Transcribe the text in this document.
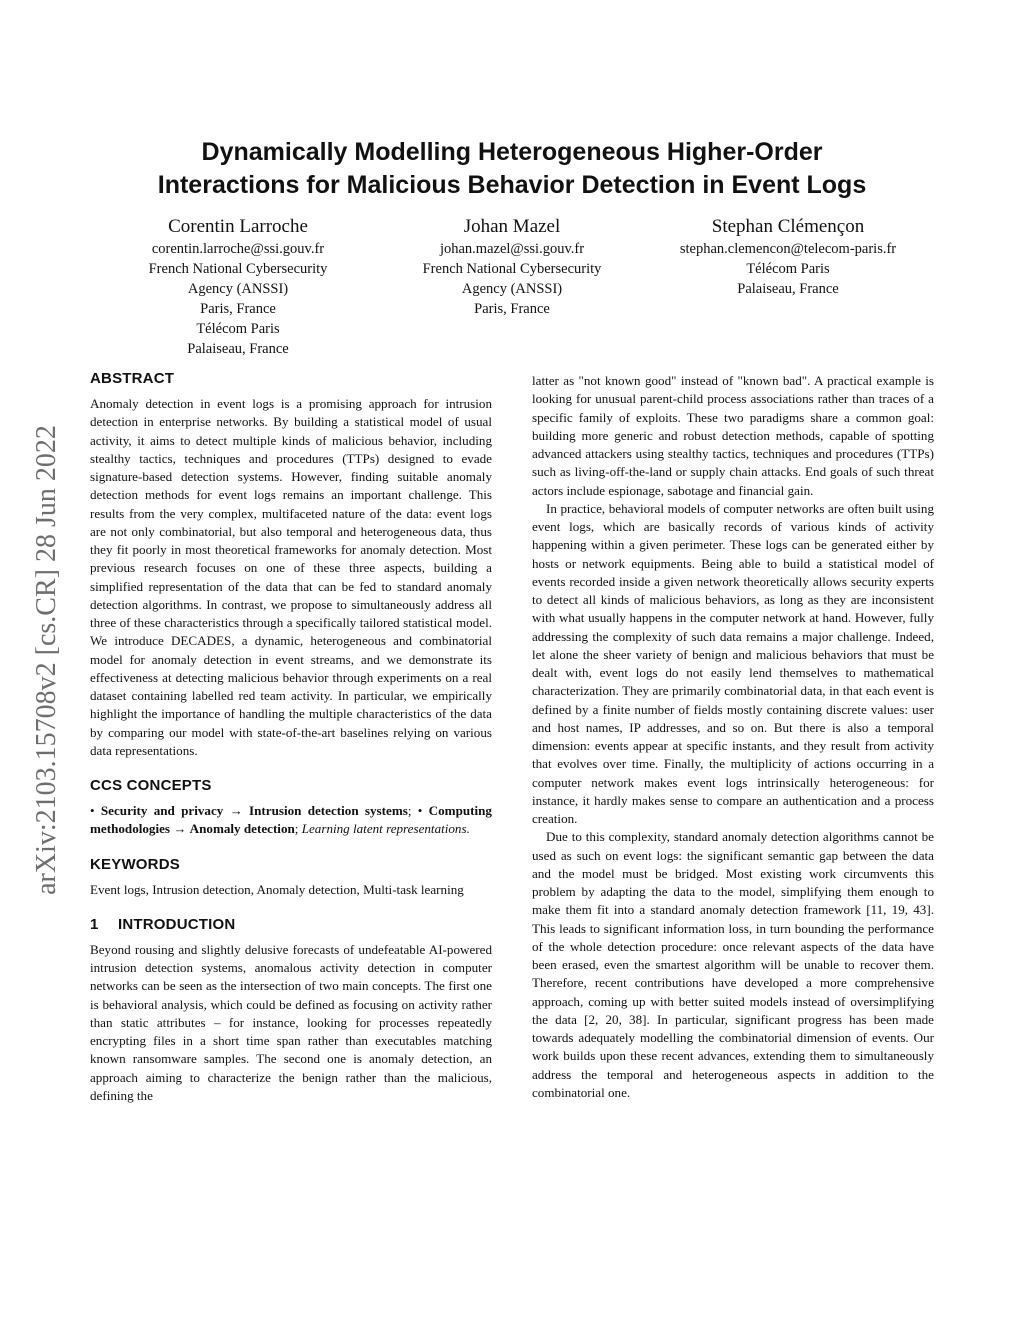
arXiv:2103.15708v2 [cs.CR] 28 Jun 2022
Dynamically Modelling Heterogeneous Higher-Order
Interactions for Malicious Behavior Detection in Event Logs
Corentin Larroche
corentin.larroche@ssi.gouv.fr
French National Cybersecurity
Agency (ANSSI)
Paris, France
Télécom Paris
Palaiseau, France
Johan Mazel
johan.mazel@ssi.gouv.fr
French National Cybersecurity
Agency (ANSSI)
Paris, France
Stephan Clémençon
stephan.clemencon@telecom-paris.fr
Télécom Paris
Palaiseau, France
ABSTRACT

Anomaly detection in event logs is a promising approach for intrusion detection in enterprise networks. By building a statistical model of usual activity, it aims to detect multiple kinds of malicious behavior, including stealthy tactics, techniques and procedures (TTPs) designed to evade signature-based detection systems. However, finding suitable anomaly detection methods for event logs remains an important challenge. This results from the very complex, multifaceted nature of the data: event logs are not only combinatorial, but also temporal and heterogeneous data, thus they fit poorly in most theoretical frameworks for anomaly detection. Most previous research focuses on one of these three aspects, building a simplified representation of the data that can be fed to standard anomaly detection algorithms. In contrast, we propose to simultaneously address all three of these characteristics through a specifically tailored statistical model. We introduce DECADES, a dynamic, heterogeneous and combinatorial model for anomaly detection in event streams, and we demonstrate its effectiveness at detecting malicious behavior through experiments on a real dataset containing labelled red team activity. In particular, we empirically highlight the importance of handling the multiple characteristics of the data by comparing our model with state-of-the-art baselines relying on various data representations.

CCS CONCEPTS

• Security and privacy → Intrusion detection systems; • Computing methodologies → Anomaly detection; Learning latent representations.

KEYWORDS

Event logs, Intrusion detection, Anomaly detection, Multi-task learning

1 INTRODUCTION

Beyond rousing and slightly delusive forecasts of undefeatable AI-powered intrusion detection systems, anomalous activity detection in computer networks can be seen as the intersection of two main concepts. The first one is behavioral analysis, which could be defined as focusing on activity rather than static attributes – for instance, looking for processes repeatedly encrypting files in a short time span rather than executables matching known ransomware samples. The second one is anomaly detection, an approach aiming to characterize the benign rather than the malicious, defining the

latter as "not known good" instead of "known bad". A practical example is looking for unusual parent-child process associations rather than traces of a specific family of exploits. These two paradigms share a common goal: building more generic and robust detection methods, capable of spotting advanced attackers using stealthy tactics, techniques and procedures (TTPs) such as living-off-the-land or supply chain attacks. End goals of such threat actors include espionage, sabotage and financial gain.

In practice, behavioral models of computer networks are often built using event logs, which are basically records of various kinds of activity happening within a given perimeter. These logs can be generated either by hosts or network equipments. Being able to build a statistical model of events recorded inside a given network theoretically allows security experts to detect all kinds of malicious behaviors, as long as they are inconsistent with what usually happens in the computer network at hand. However, fully addressing the complexity of such data remains a major challenge. Indeed, let alone the sheer variety of benign and malicious behaviors that must be dealt with, event logs do not easily lend themselves to mathematical characterization. They are primarily combinatorial data, in that each event is defined by a finite number of fields mostly containing discrete values: user and host names, IP addresses, and so on. But there is also a temporal dimension: events appear at specific instants, and they result from activity that evolves over time. Finally, the multiplicity of actions occurring in a computer network makes event logs intrinsically heterogeneous: for instance, it hardly makes sense to compare an authentication and a process creation.

Due to this complexity, standard anomaly detection algorithms cannot be used as such on event logs: the significant semantic gap between the data and the model must be bridged. Most existing work circumvents this problem by adapting the data to the model, simplifying them enough to make them fit into a standard anomaly detection framework [11, 19, 43]. This leads to significant information loss, in turn bounding the performance of the whole detection procedure: once relevant aspects of the data have been erased, even the smartest algorithm will be unable to recover them. Therefore, recent contributions have developed a more comprehensive approach, coming up with better suited models instead of oversimplifying the data [2, 20, 38]. In particular, significant progress has been made towards adequately modelling the combinatorial dimension of events. Our work builds upon these recent advances, extending them to simultaneously address the temporal and heterogeneous aspects in addition to the combinatorial one.
